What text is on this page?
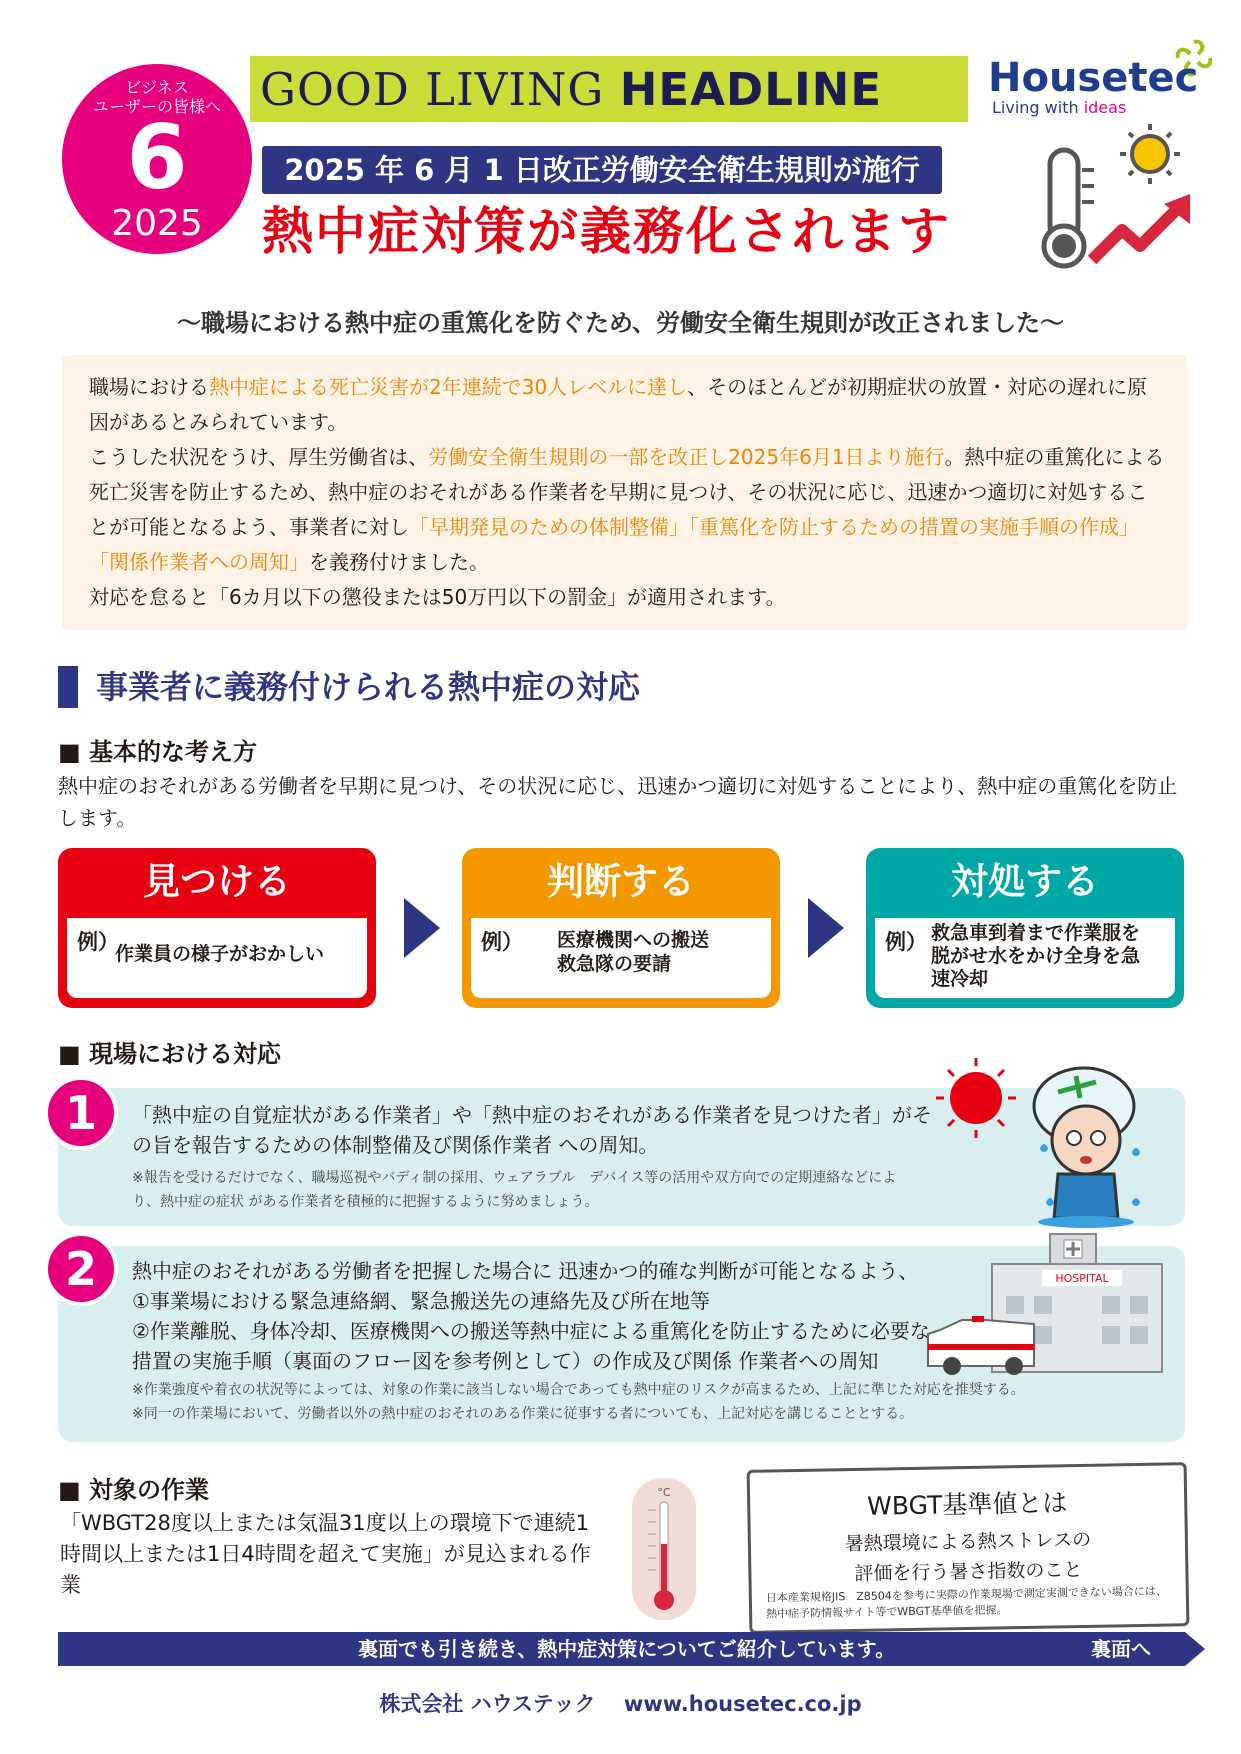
ビジネス
ユーザーの皆様へ
6
2025
GOOD LIVING HEADLINE	Housetec
Living with ideas
2025 年 6 月 1 日改正労働安全衛生規則が施行
熱中症対策が義務化されます
～職場における熱中症の重篤化を防ぐため、労働安全衛生規則が改正されました～

職場における熱中症による死亡災害が2年連続で30人レベルに達し、そのほとんどが初期症状の放置・対応の遅れに原因があるとみられています。

こうした状況をうけ、厚生労働省は、労働安全衛生規則の一部を改正し2025年6月1日より施行。熱中症の重篤化による死亡災害を防止するため、熱中症のおそれがある作業者を早期に見つけ、その状況に応じ、迅速かつ適切に対処することが可能となるよう、事業者に対し「早期発見のための体制整備」「重篤化を防止するための措置の実施手順の作成」「関係作業者への周知」を義務付けました。

対応を怠ると「6カ月以下の懲役または50万円以下の罰金」が適用されます。

事業者に義務付けられる熱中症の対応
■ 基本的な考え方
熱中症のおそれがある労働者を早期に見つけ、その状況に応じ、迅速かつ適切に対処することにより、熱中症の重篤化を防止します。
見つける
例）
作業員の様子がおかしい
判断する
例） 医療機関への搬送
救急隊の要請
対処する
例） 救急車到着まで作業服を
脱がせ水をかけ全身を急
速冷却
■ 現場における対応
1	「熱中症の自覚症状がある作業者」や「熱中症のおそれがある作業者を見つけた者」がその旨を報告するための体制整備及び関係作業者 への周知。
※報告を受けるだけでなく、職場巡視やバディ制の採用、ウェアラブル　デバイス等の活用や双方向での定期連絡などにより、熱中症の症状 がある作業者を積極的に把握するように努めましょう。
2	熱中症のおそれがある労働者を把握した場合に 迅速かつ的確な判断が可能となるよう、
①事業場における緊急連絡網、緊急搬送先の連絡先及び所在地等
②作業離脱、身体冷却、医療機関への搬送等熱中症による重篤化を防止するために必要な措置の実施手順（裏面のフロー図を参考例として）の作成及び関係 作業者への周知
※作業強度や着衣の状況等によっては、対象の作業に該当しない場合であっても熱中症のリスクが高まるため、上記に準じた対応を推奨する。
※同一の作業場において、労働者以外の熱中症のおそれのある作業に従事する者についても、上記対応を講じることとする。
HOSPITAL
■ 対象の作業
「WBGT28度以上または気温31度以上の環境下で連続1時間以上または1日4時間を超えて実施」が見込まれる作業
°C	WBGT基準値とは
暑熱環境による熱ストレスの
評価を行う暑さ指数のこと
日本産業規格JIS　Z8504を参考に実際の作業現場で測定実測できない場合には、熱中症予防情報サイト等でWBGT基準値を把握。
裏面でも引き続き、熱中症対策についてご紹介しています。	裏面へ
株式会社 ハウステック　 www.housetec.co.jp
